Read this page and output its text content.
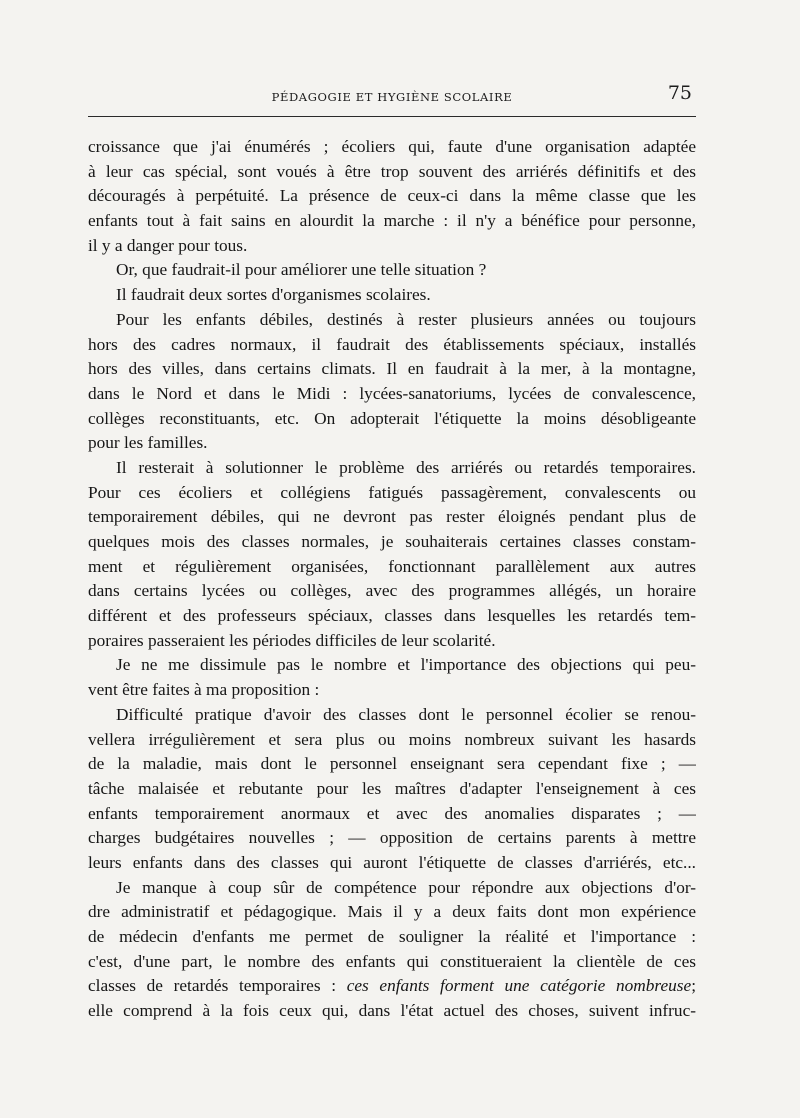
PÉDAGOGIE ET HYGIÈNE SCOLAIRE	75
croissance que j'ai énumérés ; écoliers qui, faute d'une organisation adaptée
à leur cas spécial, sont voués à être trop souvent des arriérés définitifs et des
découragés à perpétuité. La présence de ceux-ci dans la même classe que les
enfants tout à fait sains en alourdit la marche : il n'y a bénéfice pour personne,
il y a danger pour tous.
Or, que faudrait-il pour améliorer une telle situation ?
Il faudrait deux sortes d'organismes scolaires.
Pour les enfants débiles, destinés à rester plusieurs années ou toujours
hors des cadres normaux, il faudrait des établissements spéciaux, installés
hors des villes, dans certains climats. Il en faudrait à la mer, à la montagne,
dans le Nord et dans le Midi : lycées-sanatoriums, lycées de convalescence,
collèges reconstituants, etc. On adopterait l'étiquette la moins désobligeante
pour les familles.
Il resterait à solutionner le problème des arriérés ou retardés temporaires.
Pour ces écoliers et collégiens fatigués passagèrement, convalescents ou
temporairement débiles, qui ne devront pas rester éloignés pendant plus de
quelques mois des classes normales, je souhaiterais certaines classes constam-
ment et régulièrement organisées, fonctionnant parallèlement aux autres
dans certains lycées ou collèges, avec des programmes allégés, un horaire
différent et des professeurs spéciaux, classes dans lesquelles les retardés tem-
poraires passeraient les périodes difficiles de leur scolarité.
Je ne me dissimule pas le nombre et l'importance des objections qui peu-
vent être faites à ma proposition :
Difficulté pratique d'avoir des classes dont le personnel écolier se renou-
vellera irrégulièrement et sera plus ou moins nombreux suivant les hasards
de la maladie, mais dont le personnel enseignant sera cependant fixe ; —
tâche malaisée et rebutante pour les maîtres d'adapter l'enseignement à ces
enfants temporairement anormaux et avec des anomalies disparates ; —
charges budgétaires nouvelles ; — opposition de certains parents à mettre
leurs enfants dans des classes qui auront l'étiquette de classes d'arriérés, etc...
Je manque à coup sûr de compétence pour répondre aux objections d'or-
dre administratif et pédagogique. Mais il y a deux faits dont mon expérience
de médecin d'enfants me permet de souligner la réalité et l'importance :
c'est, d'une part, le nombre des enfants qui constitueraient la clientèle de ces
classes de retardés temporaires : ces enfants forment une catégorie nombreuse;
elle comprend à la fois ceux qui, dans l'état actuel des choses, suivent infruc-
